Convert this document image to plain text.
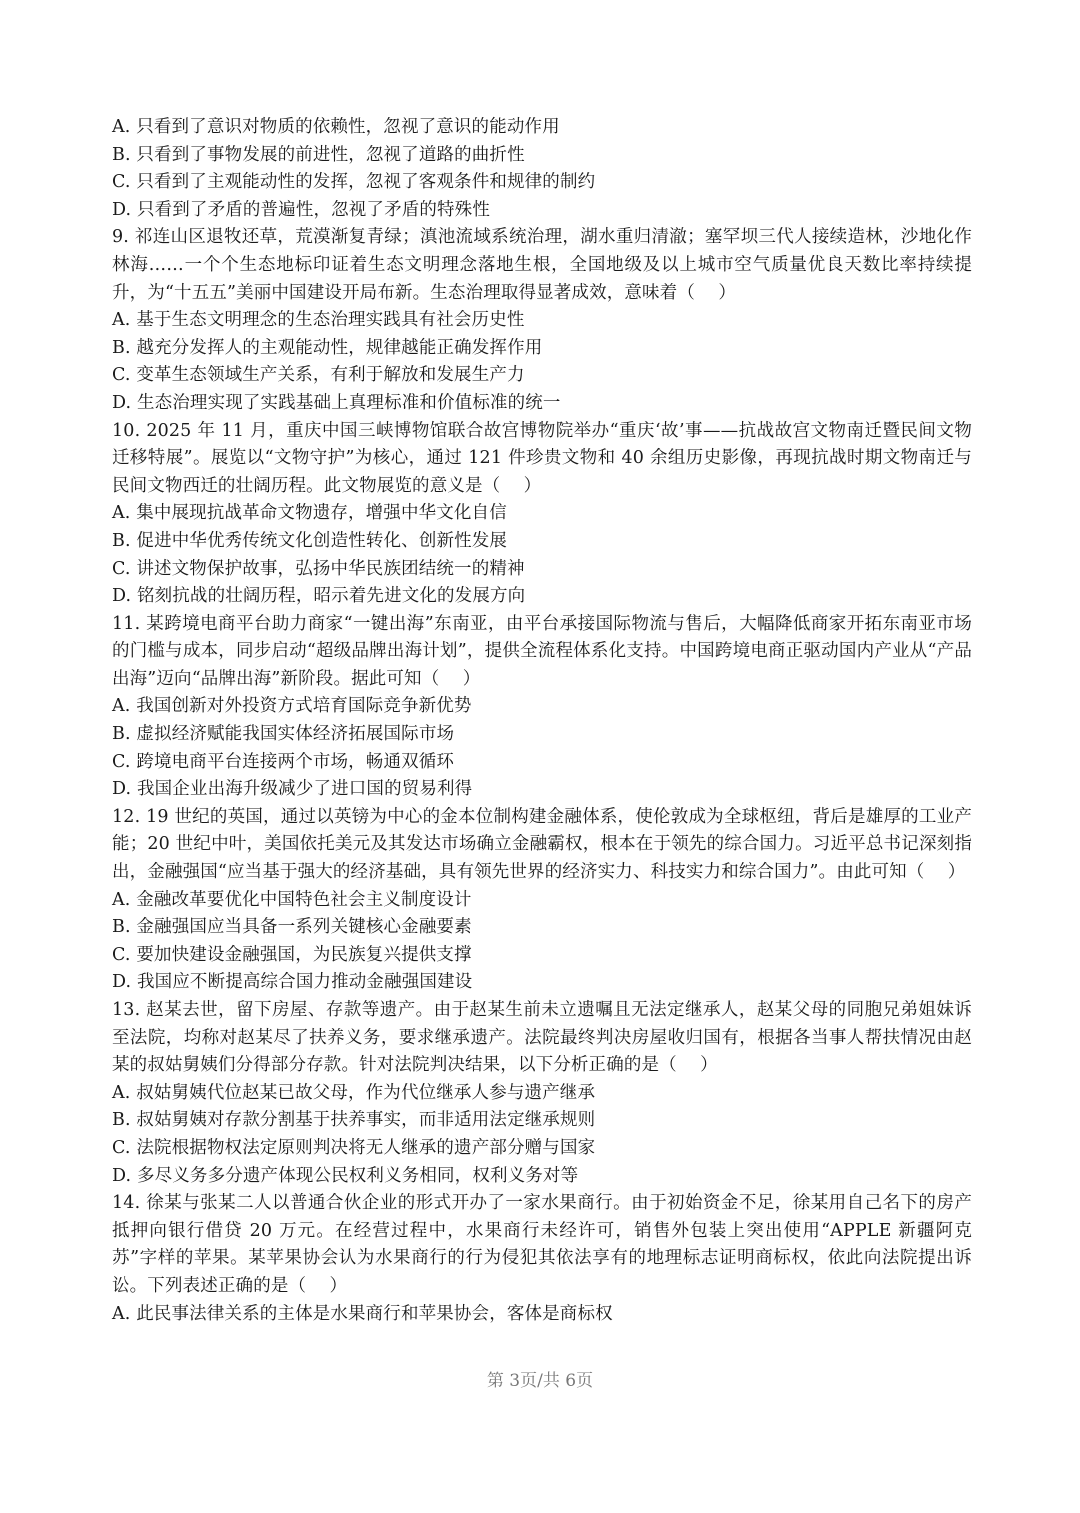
A. 只看到了意识对物质的依赖性，忽视了意识的能动作用
B. 只看到了事物发展的前进性，忽视了道路的曲折性
C. 只看到了主观能动性的发挥，忽视了客观条件和规律的制约
D. 只看到了矛盾的普遍性，忽视了矛盾的特殊性
9. 祁连山区退牧还草，荒漠渐复青绿；滇池流域系统治理，湖水重归清澈；塞罕坝三代人接续造林，沙地化作林海……一个个生态地标印证着生态文明理念落地生根，全国地级及以上城市空气质量优良天数比率持续提升，为“十五五”美丽中国建设开局布新。生态治理取得显著成效，意味着（　 ）
A. 基于生态文明理念的生态治理实践具有社会历史性
B. 越充分发挥人的主观能动性，规律越能正确发挥作用
C. 变革生态领域生产关系，有利于解放和发展生产力
D. 生态治理实现了实践基础上真理标准和价值标准的统一
10. 2025 年 11 月，重庆中国三峡博物馆联合故宫博物院举办“重庆‘故’事——抗战故宫文物南迁暨民间文物迁移特展”。展览以“文物守护”为核心，通过 121 件珍贵文物和 40 余组历史影像，再现抗战时期文物南迁与民间文物西迁的壮阔历程。此文物展览的意义是（　 ）
A. 集中展现抗战革命文物遗存，增强中华文化自信
B. 促进中华优秀传统文化创造性转化、创新性发展
C. 讲述文物保护故事，弘扬中华民族团结统一的精神
D. 铭刻抗战的壮阔历程，昭示着先进文化的发展方向
11. 某跨境电商平台助力商家“一键出海”东南亚，由平台承接国际物流与售后，大幅降低商家开拓东南亚市场的门槛与成本，同步启动“超级品牌出海计划”，提供全流程体系化支持。中国跨境电商正驱动国内产业从“产品出海”迈向“品牌出海”新阶段。据此可知（　 ）
A. 我国创新对外投资方式培育国际竞争新优势
B. 虚拟经济赋能我国实体经济拓展国际市场
C. 跨境电商平台连接两个市场，畅通双循环
D. 我国企业出海升级减少了进口国的贸易利得
12. 19 世纪的英国，通过以英镑为中心的金本位制构建金融体系，使伦敦成为全球枢纽，背后是雄厚的工业产能；20 世纪中叶，美国依托美元及其发达市场确立金融霸权，根本在于领先的综合国力。习近平总书记深刻指出，金融强国“应当基于强大的经济基础，具有领先世界的经济实力、科技实力和综合国力”。由此可知（　 ）
A. 金融改革要优化中国特色社会主义制度设计
B. 金融强国应当具备一系列关键核心金融要素
C. 要加快建设金融强国，为民族复兴提供支撑
D. 我国应不断提高综合国力推动金融强国建设
13. 赵某去世，留下房屋、存款等遗产。由于赵某生前未立遗嘱且无法定继承人，赵某父母的同胞兄弟姐妹诉至法院，均称对赵某尽了扶养义务，要求继承遗产。法院最终判决房屋收归国有，根据各当事人帮扶情况由赵某的叔姑舅姨们分得部分存款。针对法院判决结果，以下分析正确的是（　 ）
A. 叔姑舅姨代位赵某已故父母，作为代位继承人参与遗产继承
B. 叔姑舅姨对存款分割基于扶养事实，而非适用法定继承规则
C. 法院根据物权法定原则判决将无人继承的遗产部分赠与国家
D. 多尽义务多分遗产体现公民权利义务相同，权利义务对等
14. 徐某与张某二人以普通合伙企业的形式开办了一家水果商行。由于初始资金不足，徐某用自己名下的房产抵押向银行借贷 20 万元。在经营过程中，水果商行未经许可，销售外包装上突出使用“APPLE 新疆阿克苏”字样的苹果。某苹果协会认为水果商行的行为侵犯其依法享有的地理标志证明商标权，依此向法院提出诉讼。下列表述正确的是（　 ）
A. 此民事法律关系的主体是水果商行和苹果协会，客体是商标权
第 3页/共 6页
